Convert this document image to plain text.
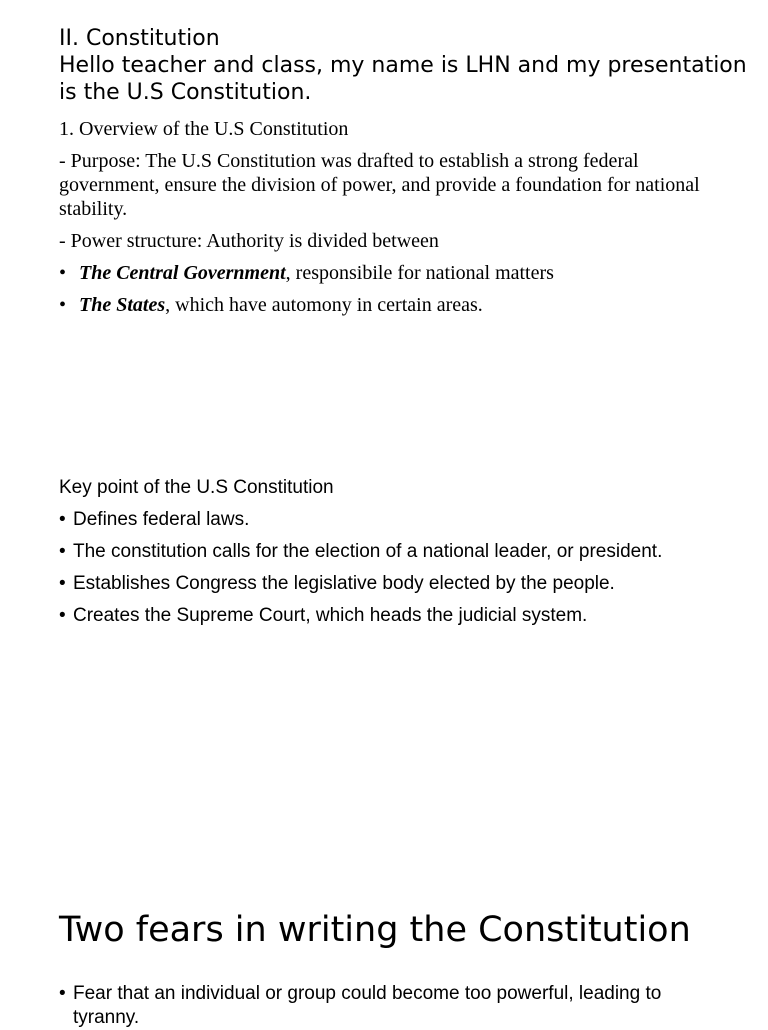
II. Constitution
Hello teacher and class, my name is LHN and my presentation is the U.S Constitution.

1. Overview of the U.S Constitution

- Purpose: The U.S Constitution was drafted to establish a strong federal government, ensure the division of power, and provide a foundation for national stability.

- Power structure: Authority is divided between

• The Central Government, responsibile for national matters
• The States, which have automony in certain areas.
Key point of the U.S Constitution
• Defines federal laws.
• The constitution calls for the election of a national leader, or president.
• Establishes Congress the legislative body elected by the people.
• Creates the Supreme Court, which heads the judicial system.
Two fears in writing the Constitution
• Fear that an individual or group could become too powerful, leading to tyranny.
